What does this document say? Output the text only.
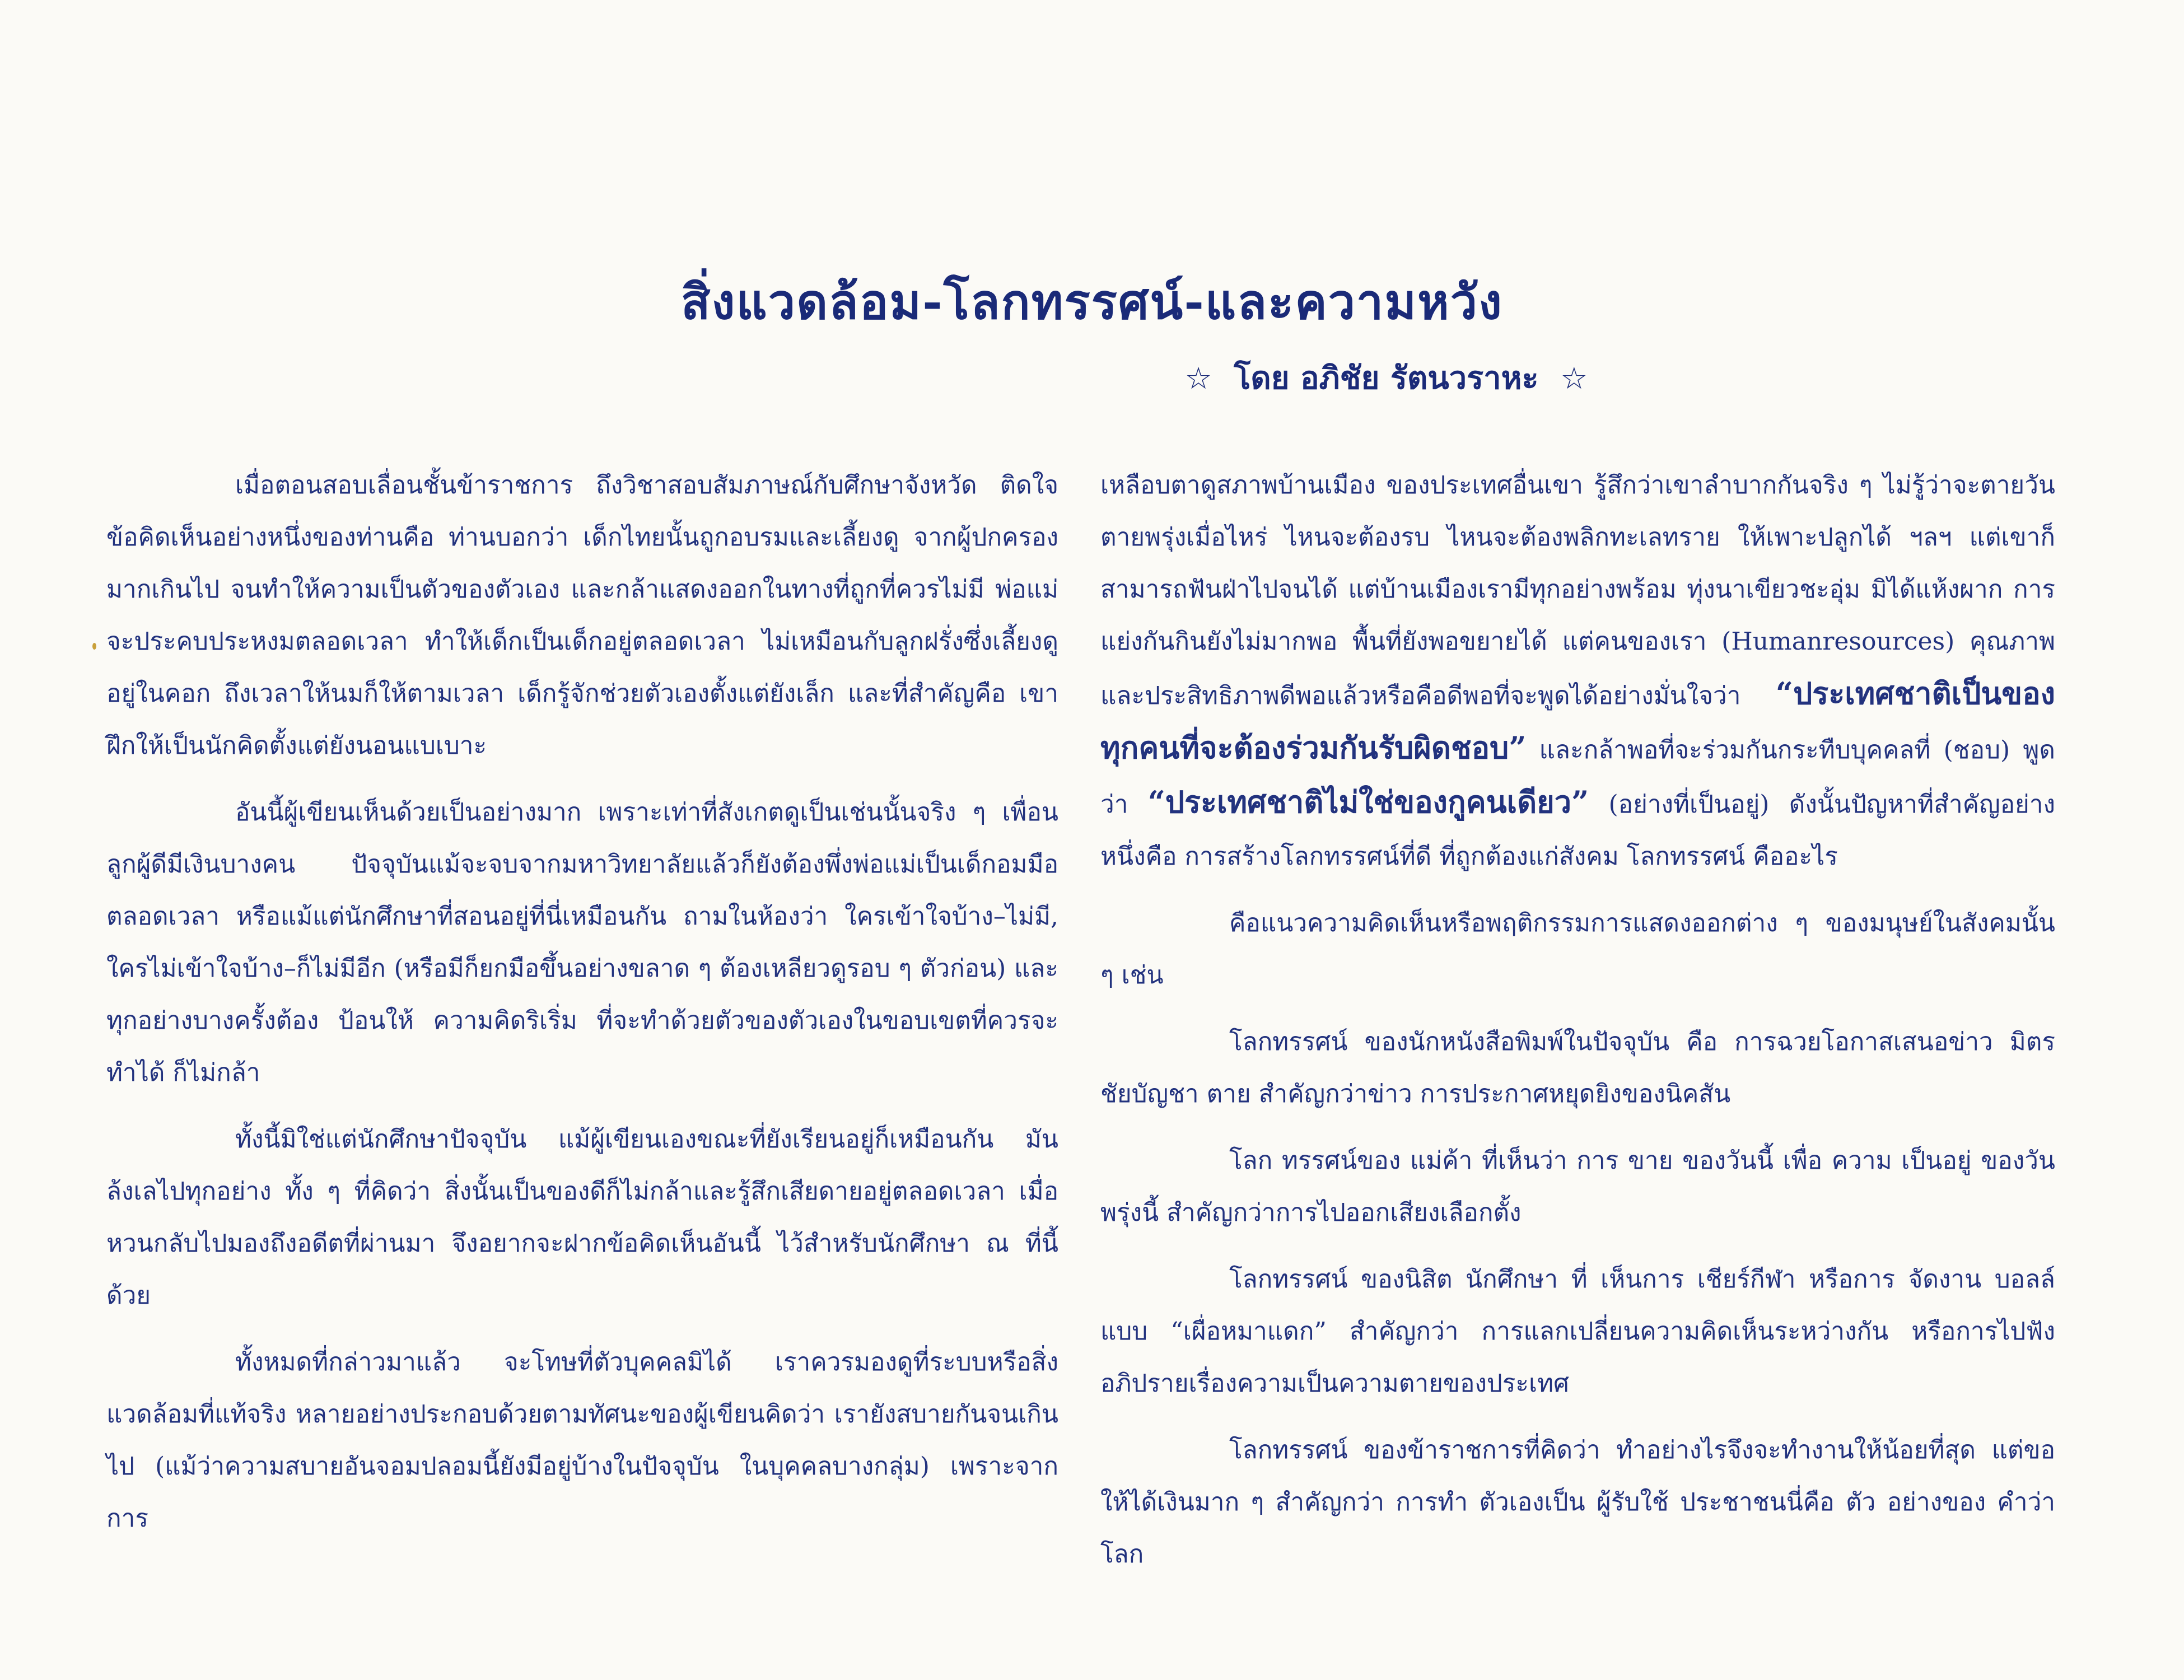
สิ่งแวดล้อม-โลกทรรศน์-และความหวัง
☆ โดย อภิชัย รัตนวราหะ ☆

เมื่อตอนสอบเลื่อนชั้นข้าราชการ ถึงวิชาสอบสัมภาษณ์กับศึกษาจังหวัด ติดใจข้อคิดเห็นอย่างหนึ่งของท่านคือ ท่านบอกว่า เด็กไทยนั้นถูกอบรมและเลี้ยงดู จากผู้ปกครองมากเกินไป จนทำให้ความเป็นตัวของตัวเอง และกล้าแสดงออกในทางที่ถูกที่ควรไม่มี พ่อแม่จะประคบประหงมตลอดเวลา ทำให้เด็กเป็นเด็กอยู่ตลอดเวลา ไม่เหมือนกับลูกฝรั่งซึ่งเลี้ยงดูอยู่ในคอก ถึงเวลาให้นมก็ให้ตามเวลา เด็กรู้จักช่วยตัวเองตั้งแต่ยังเล็ก และที่สำคัญคือ เขาฝึกให้เป็นนักคิดตั้งแต่ยังนอนแบเบาะ

อันนี้ผู้เขียนเห็นด้วยเป็นอย่างมาก เพราะเท่าที่สังเกตดูเป็นเช่นนั้นจริง ๆ เพื่อนลูกผู้ดีมีเงินบางคน ปัจจุบันแม้จะจบจากมหาวิทยาลัยแล้วก็ยังต้องพึ่งพ่อแม่เป็นเด็กอมมือตลอดเวลา หรือแม้แต่นักศึกษาที่สอนอยู่ที่นี่เหมือนกัน ถามในห้องว่า ใครเข้าใจบ้าง–ไม่มี, ใครไม่เข้าใจบ้าง–ก็ไม่มีอีก (หรือมีก็ยกมือขึ้นอย่างขลาด ๆ ต้องเหลียวดูรอบ ๆ ตัวก่อน) และทุกอย่างบางครั้งต้อง ป้อนให้ ความคิดริเริ่ม ที่จะทำด้วยตัวของตัวเองในขอบเขตที่ควรจะทำได้ ก็ไม่กล้า

ทั้งนี้มิใช่แต่นักศึกษาปัจจุบัน แม้ผู้เขียนเองขณะที่ยังเรียนอยู่ก็เหมือนกัน มันล้งเลไปทุกอย่าง ทั้ง ๆ ที่คิดว่า สิ่งนั้นเป็นของดีก็ไม่กล้าและรู้สึกเสียดายอยู่ตลอดเวลา เมื่อหวนกลับไปมองถึงอดีตที่ผ่านมา จึงอยากจะฝากข้อคิดเห็นอันนี้ ไว้สำหรับนักศึกษา ณ ที่นี้ด้วย

ทั้งหมดที่กล่าวมาแล้ว จะโทษที่ตัวบุคคลมิได้ เราควรมองดูที่ระบบหรือสิ่งแวดล้อมที่แท้จริง หลายอย่างประกอบด้วยตามทัศนะของผู้เขียนคิดว่า เรายังสบายกันจนเกินไป (แม้ว่าความสบายอันจอมปลอมนี้ยังมีอยู่บ้างในปัจจุบัน ในบุคคลบางกลุ่ม) เพราะจากการ

เหลือบตาดูสภาพบ้านเมือง ของประเทศอื่นเขา รู้สึกว่าเขาลำบากกันจริง ๆ ไม่รู้ว่าจะตายวันตายพรุ่งเมื่อไหร่ ไหนจะต้องรบ ไหนจะต้องพลิกทะเลทราย ให้เพาะปลูกได้ ฯลฯ แต่เขาก็สามารถฟันฝ่าไปจนได้ แต่บ้านเมืองเรามีทุกอย่างพร้อม ทุ่งนาเขียวชะอุ่ม มิได้แห้งผาก การแย่งกันกินยังไม่มากพอ พื้นที่ยังพอขยายได้ แต่คนของเรา (Humanresources) คุณภาพและประสิทธิภาพดีพอแล้วหรือคือดีพอที่จะพูดได้อย่างมั่นใจว่า “ประเทศชาติเป็นของทุกคนที่จะต้องร่วมกันรับผิดชอบ” และกล้าพอที่จะร่วมกันกระทืบบุคคลที่ (ชอบ) พูดว่า “ประเทศชาติไม่ใช่ของกูคนเดียว” (อย่างที่เป็นอยู่) ดังนั้นปัญหาที่สำคัญอย่างหนึ่งคือ การสร้างโลกทรรศน์ที่ดี ที่ถูกต้องแก่สังคม โลกทรรศน์ คืออะไร

คือแนวความคิดเห็นหรือพฤติกรรมการแสดงออกต่าง ๆ ของมนุษย์ในสังคมนั้น ๆ เช่น

โลกทรรศน์ ของนักหนังสือพิมพ์ในปัจจุบัน คือ การฉวยโอกาสเสนอข่าว มิตร ชัยบัญชา ตาย สำคัญกว่าข่าว การประกาศหยุดยิงของนิคสัน

โลก ทรรศน์ของ แม่ค้า ที่เห็นว่า การ ขาย ของวันนี้ เพื่อ ความ เป็นอยู่ ของวัน พรุ่งนี้ สำคัญกว่าการไปออกเสียงเลือกตั้ง

โลกทรรศน์ ของนิสิต นักศึกษา ที่ เห็นการ เชียร์กีฬา หรือการ จัดงาน บอลล์แบบ “เผื่อหมาแดก” สำคัญกว่า การแลกเปลี่ยนความคิดเห็นระหว่างกัน หรือการไปฟังอภิปรายเรื่องความเป็นความตายของประเทศ

โลกทรรศน์ ของข้าราชการที่คิดว่า ทำอย่างไรจึงจะทำงานให้น้อยที่สุด แต่ขอให้ได้เงินมาก ๆ สำคัญกว่า การทำ ตัวเองเป็น ผู้รับใช้ ประชาชนนี่คือ ตัว อย่างของ คำว่า โลก
